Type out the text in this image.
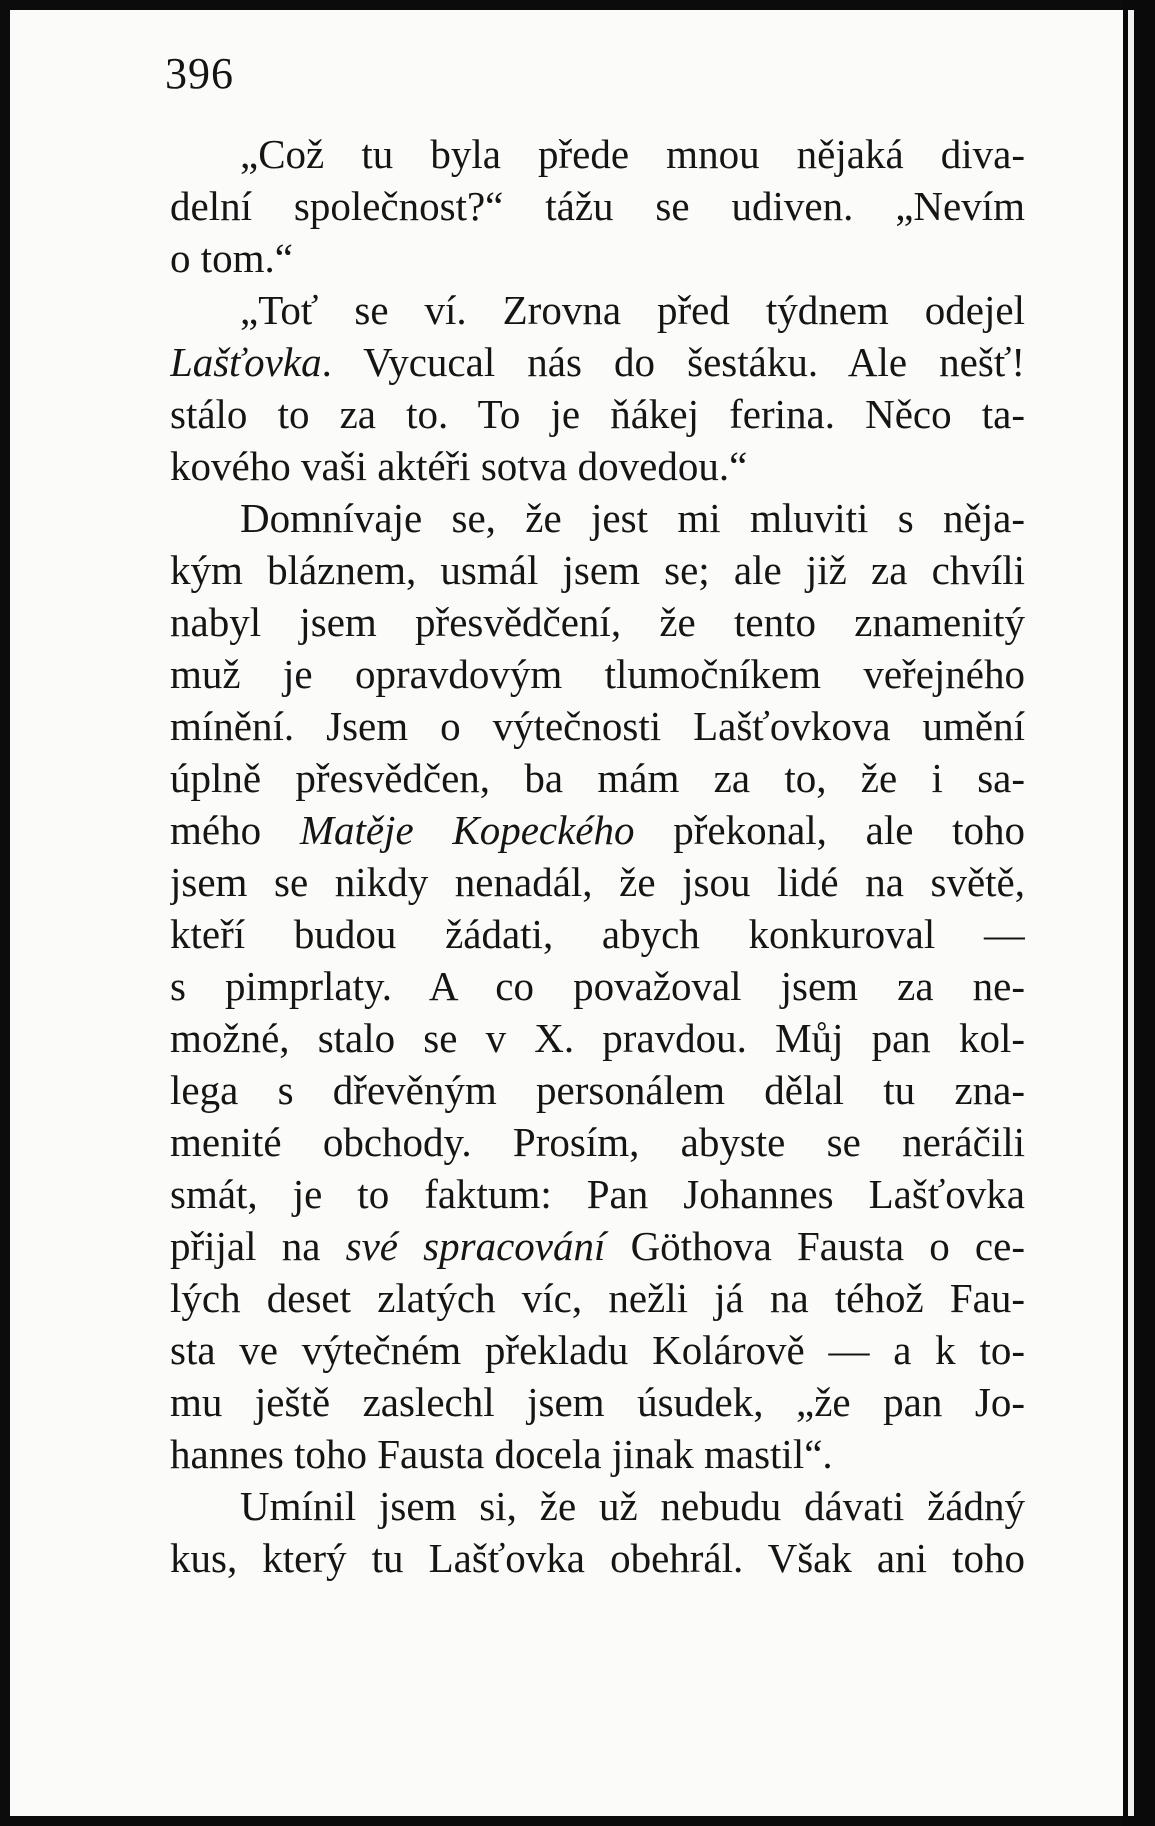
396
„Což tu byla přede mnou nějaká diva-
delní společnost?“ tážu se udiven. „Nevím
o tom.“
„Toť se ví. Zrovna před týdnem odejel
Lašťovka. Vycucal nás do šestáku. Ale nešť!
stálo to za to. To je ňákej ferina. Něco ta-
kového vaši aktéři sotva dovedou.“
Domnívaje se, že jest mi mluviti s něja-
kým bláznem, usmál jsem se; ale již za chvíli
nabyl jsem přesvědčení, že tento znamenitý
muž je opravdovým tlumočníkem veřejného
mínění. Jsem o výtečnosti Lašťovkova umění
úplně přesvědčen, ba mám za to, že i sa-
mého Matěje Kopeckého překonal, ale toho
jsem se nikdy nenadál, že jsou lidé na světě,
kteří budou žádati, abych konkuroval —
s pimprlaty. A co považoval jsem za ne-
možné, stalo se v X. pravdou. Můj pan kol-
lega s dřevěným personálem dělal tu zna-
menité obchody. Prosím, abyste se neráčili
smát, je to faktum: Pan Johannes Lašťovka
přijal na své spracování Göthova Fausta o ce-
lých deset zlatých víc, nežli já na téhož Fau-
sta ve výtečném překladu Kolárově — a k to-
mu ještě zaslechl jsem úsudek, „že pan Jo-
hannes toho Fausta docela jinak mastil“.
Umínil jsem si, že už nebudu dávati žádný
kus, který tu Lašťovka obehrál. Však ani toho
